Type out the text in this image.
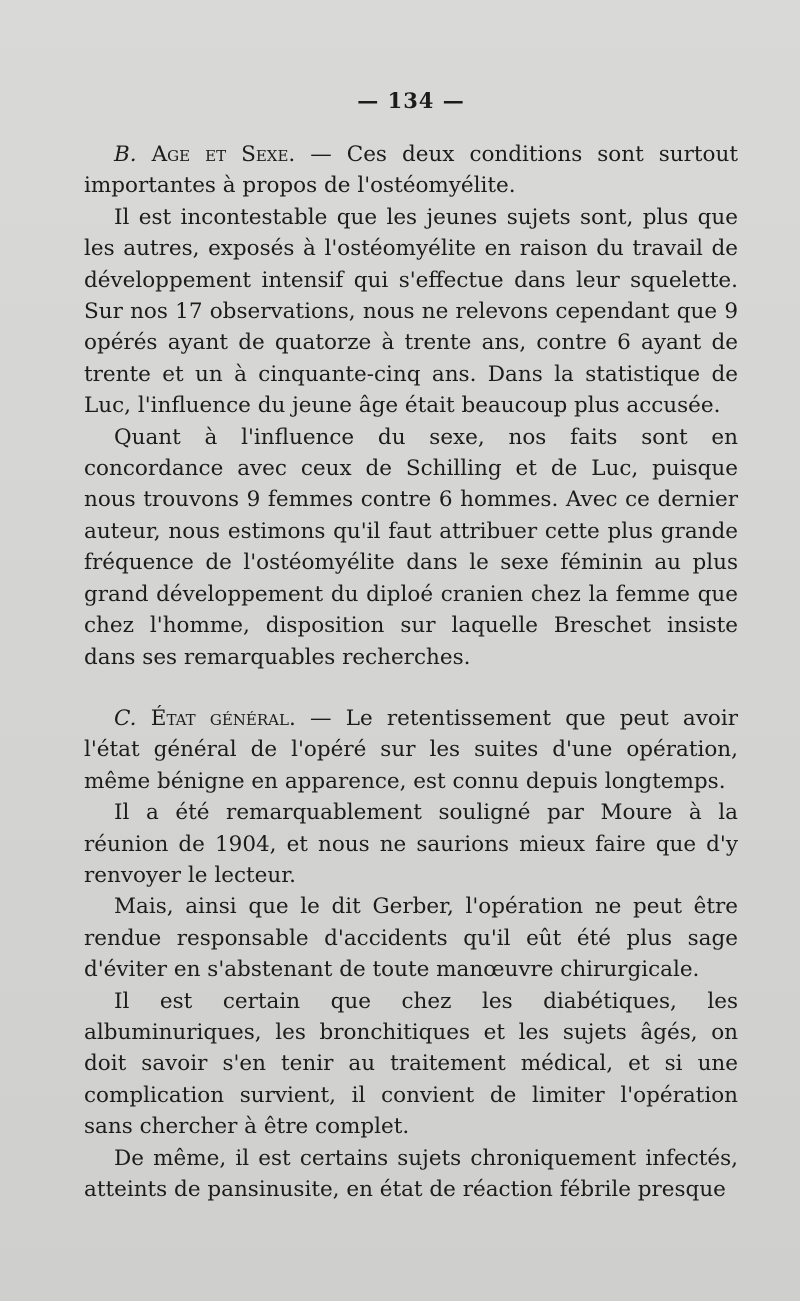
— 134 —

B. Age et Sexe. — Ces deux conditions sont surtout importantes à propos de l'ostéomyélite.

Il est incontestable que les jeunes sujets sont, plus que les autres, exposés à l'ostéomyélite en raison du travail de développement intensif qui s'effectue dans leur squelette. Sur nos 17 observations, nous ne relevons cependant que 9 opérés ayant de quatorze à trente ans, contre 6 ayant de trente et un à cinquante-cinq ans. Dans la statistique de Luc, l'influence du jeune âge était beaucoup plus accusée.

Quant à l'influence du sexe, nos faits sont en concordance avec ceux de Schilling et de Luc, puisque nous trouvons 9 femmes contre 6 hommes. Avec ce dernier auteur, nous estimons qu'il faut attribuer cette plus grande fréquence de l'ostéomyélite dans le sexe féminin au plus grand développement du diploé cranien chez la femme que chez l'homme, disposition sur laquelle Breschet insiste dans ses remarquables recherches.

C. État général. — Le retentissement que peut avoir l'état général de l'opéré sur les suites d'une opération, même bénigne en apparence, est connu depuis longtemps.

Il a été remarquablement souligné par Moure à la réunion de 1904, et nous ne saurions mieux faire que d'y renvoyer le lecteur.

Mais, ainsi que le dit Gerber, l'opération ne peut être rendue responsable d'accidents qu'il eût été plus sage d'éviter en s'abstenant de toute manœuvre chirurgicale.

Il est certain que chez les diabétiques, les albuminuriques, les bronchitiques et les sujets âgés, on doit savoir s'en tenir au traitement médical, et si une complication survient, il convient de limiter l'opération sans chercher à être complet.

De même, il est certains sujets chroniquement infectés, atteints de pansinusite, en état de réaction fébrile presque
